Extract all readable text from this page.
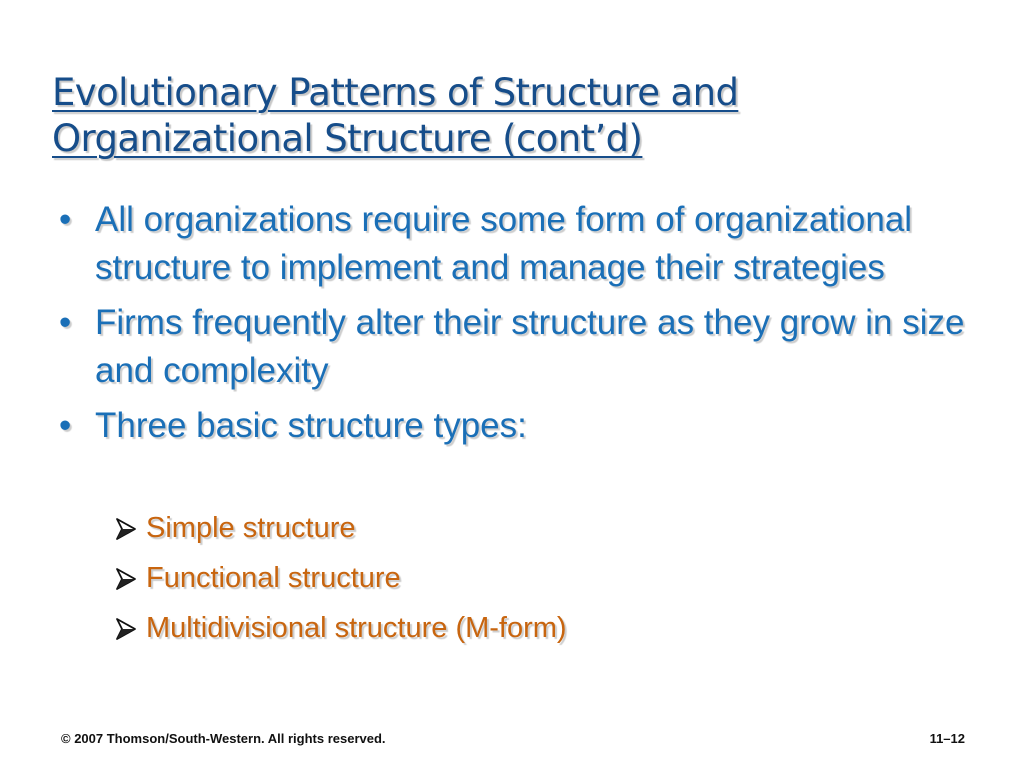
Evolutionary Patterns of Structure and
Organizational Structure (cont’d)
• All organizations require some form of organizational structure to implement and manage their strategies
• Firms frequently alter their structure as they grow in size and complexity
• Three basic structure types:
Simple structure
Functional structure
Multidivisional structure (M-form)
© 2007 Thomson/South-Western. All rights reserved.	11–12
